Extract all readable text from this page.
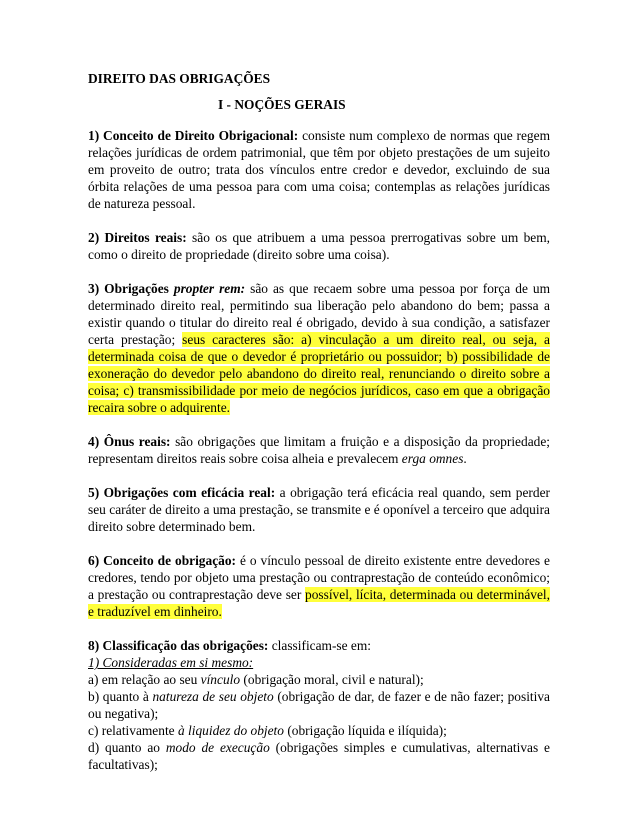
DIREITO DAS OBRIGAÇÕES
I - NOÇÕES GERAIS

1) Conceito de Direito Obrigacional: consiste num complexo de normas que regem relações jurídicas de ordem patrimonial, que têm por objeto prestações de um sujeito em proveito de outro; trata dos vínculos entre credor e devedor, excluindo de sua órbita relações de uma pessoa para com uma coisa; contemplas as relações jurídicas de natureza pessoal.

2) Direitos reais: são os que atribuem a uma pessoa prerrogativas sobre um bem, como o direito de propriedade (direito sobre uma coisa).

3) Obrigações propter rem: são as que recaem sobre uma pessoa por força de um determinado direito real, permitindo sua liberação pelo abandono do bem; passa a existir quando o titular do direito real é obrigado, devido à sua condição, a satisfazer certa prestação; seus caracteres são: a) vinculação a um direito real, ou seja, a determinada coisa de que o devedor é proprietário ou possuidor; b) possibilidade de exoneração do devedor pelo abandono do direito real, renunciando o direito sobre a coisa; c) transmissibilidade por meio de negócios jurídicos, caso em que a obrigação recaira sobre o adquirente.

4) Ônus reais: são obrigações que limitam a fruição e a disposição da propriedade; representam direitos reais sobre coisa alheia e prevalecem erga omnes.

5) Obrigações com eficácia real: a obrigação terá eficácia real quando, sem perder seu caráter de direito a uma prestação, se transmite e é oponível a terceiro que adquira direito sobre determinado bem.

6) Conceito de obrigação: é o vínculo pessoal de direito existente entre devedores e credores, tendo por objeto uma prestação ou contraprestação de conteúdo econômico; a prestação ou contraprestação deve ser possível, lícita, determinada ou determinável, e traduzível em dinheiro.

8) Classificação das obrigações: classificam-se em:

1) Consideradas em si mesmo:

a) em relação ao seu vínculo (obrigação moral, civil e natural);

b) quanto à natureza de seu objeto (obrigação de dar, de fazer e de não fazer; positiva ou negativa);

c) relativamente à liquidez do objeto (obrigação líquida e ilíquida);

d) quanto ao modo de execução (obrigações simples e cumulativas, alternativas e facultativas);
